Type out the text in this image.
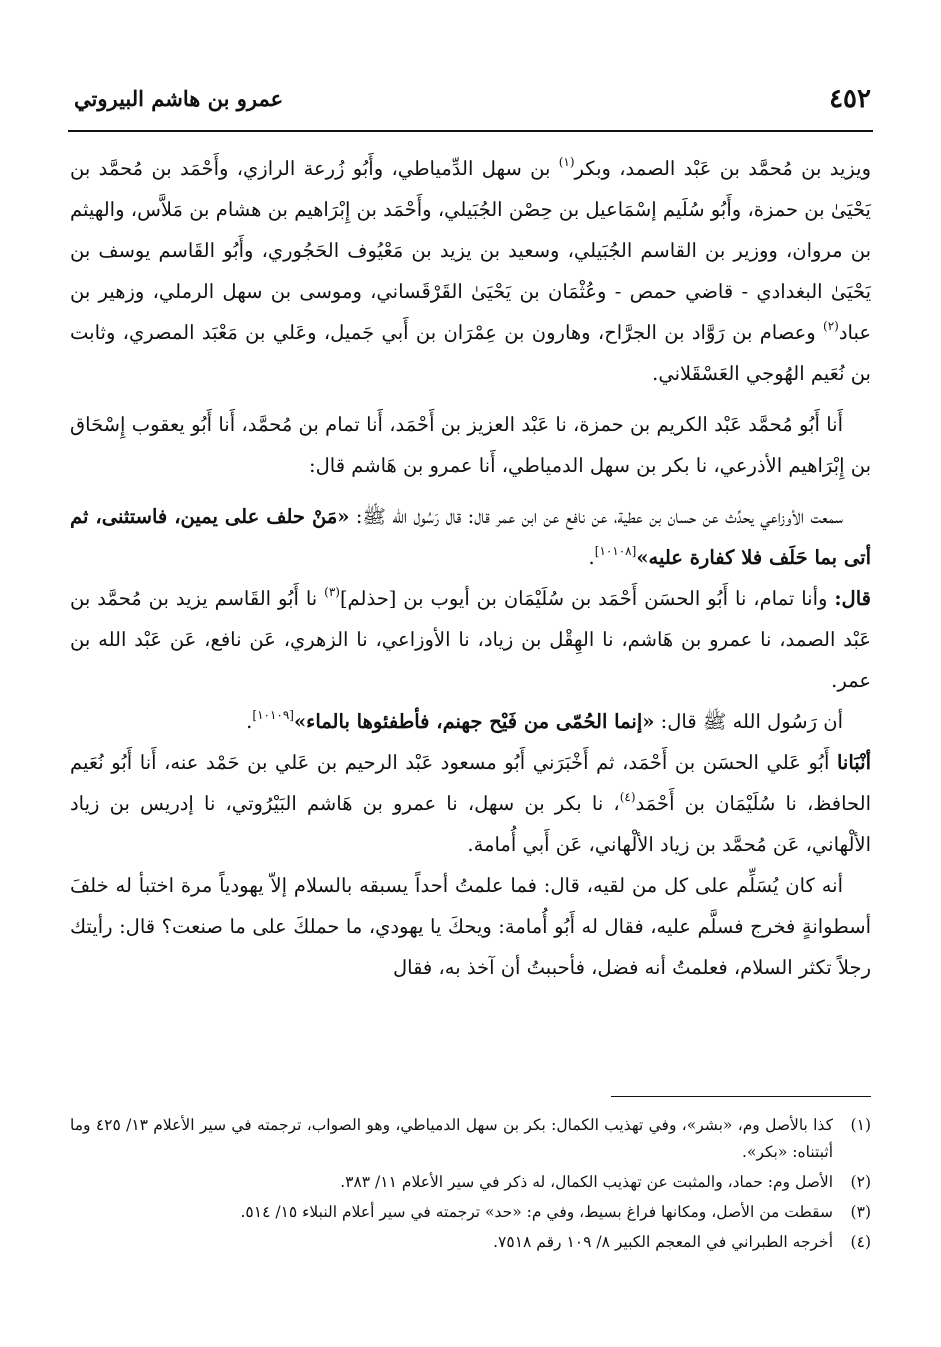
٤٥٢
عمرو بن هاشم البيروتي

ويزيد بن مُحمَّد بن عَبْد الصمد، وبكر$^{(١)}$ بن سهل الدِّمياطي، وأَبُو زُرعة الرازي، وأَحْمَد بن مُحمَّد بن يَحْيَىٰ بن حمزة، وأَبُو سُلَيم إسْمَاعيل بن حِصْن الجُبَيلي، وأَحْمَد بن إِبْرَاهيم بن هشام بن مَلاَّس، والهيثم بن مروان، ووزير بن القاسم الجُبَيلي، وسعيد بن يزيد بن مَعْيُوف الحَجُوري، وأَبُو القَاسم يوسف بن يَحْيَىٰ البغدادي - قاضي حمص - وعُثْمَان بن يَحْيَىٰ القَرْقَساني، وموسى بن سهل الرملي، وزهير بن عباد$^{(٢)}$ وعصام بن رَوَّاد بن الجرَّاح، وهارون بن عِمْرَان بن أَبي جَميل، وعَلي بن مَعْبَد المصري، وثابت بن نُعَيم الهُوجي العَسْقَلاني.

أَنا أَبُو مُحمَّد عَبْد الكريم بن حمزة، نا عَبْد العزيز بن أَحْمَد، أَنا تمام بن مُحمَّد، أَنا أَبُو يعقوب إِسْحَاق بن إِبْرَاهيم الأذرعي، نا بكر بن سهل الدمياطي، أَنا عمرو بن هَاشم قال:

سمعت الأوزاعي يحدِّث عن حسان بن عطية، عن نافع عن ابن عمر قال: قال رَسُول الله ﷺ: «مَنْ حلف على يمين، فاستثنى، ثم أتى بما حَلَف فلا كفارة عليه»[١٠١٠٨].

قال: وأنا تمام، نا أَبُو الحسَن أَحْمَد بن سُلَيْمَان بن أيوب بن [حذلم]$^{(٣)}$ نا أَبُو القَاسم يزيد بن مُحمَّد بن عَبْد الصمد، نا عمرو بن هَاشم، نا الهِقْل بن زياد، نا الأوزاعي، نا الزهري، عَن نافع، عَن عَبْد الله بن عمر.

أن رَسُول الله ﷺ قال: «إنما الحُمّى من فَيْح جهنم، فأطفئوها بالماء»[١٠١٠٩].

أنْبَانا أَبُو عَلي الحسَن بن أَحْمَد، ثم أَخْبَرَني أَبُو مسعود عَبْد الرحيم بن عَلي بن حَمْد عنه، أَنا أَبُو نُعَيم الحافظ، نا سُلَيْمَان بن أَحْمَد$^{(٤)}$، نا بكر بن سهل، نا عمرو بن هَاشم البَيْرُوتي، نا إدريس بن زياد الألْهاني، عَن مُحمَّد بن زياد الألْهاني، عَن أَبي أُمامة.

أنه كان يُسَلِّم على كل من لقيه، قال: فما علمتُ أحداً يسبقه بالسلام إلاّ يهودياً مرة اختبأ له خلفَ أسطوانةٍ فخرج فسلَّم عليه، فقال له أَبُو أُمامة: ويحكَ يا يهودي، ما حملكَ على ما صنعت؟ قال: رأيتك رجلاً تكثر السلام، فعلمتُ أنه فضل، فأحببتُ أن آخذ به، فقال

(١)
كذا بالأصل وم، «بشر»، وفي تهذيب الكمال: بكر بن سهل الدمياطي، وهو الصواب، ترجمته في سير الأعلام ١٣/ ٤٢٥ وما أثبتناه: «بكر».
(٢)
الأصل وم: حماد، والمثبت عن تهذيب الكمال، له ذكر في سير الأعلام ١١/ ٣٨٣.
(٣)
سقطت من الأصل، ومكانها فراغ بسيط، وفي م: «حد» ترجمته في سير أعلام النبلاء ١٥/ ٥١٤.
(٤)
أخرجه الطبراني في المعجم الكبير ٨/ ١٠٩ رقم ٧٥١٨.
